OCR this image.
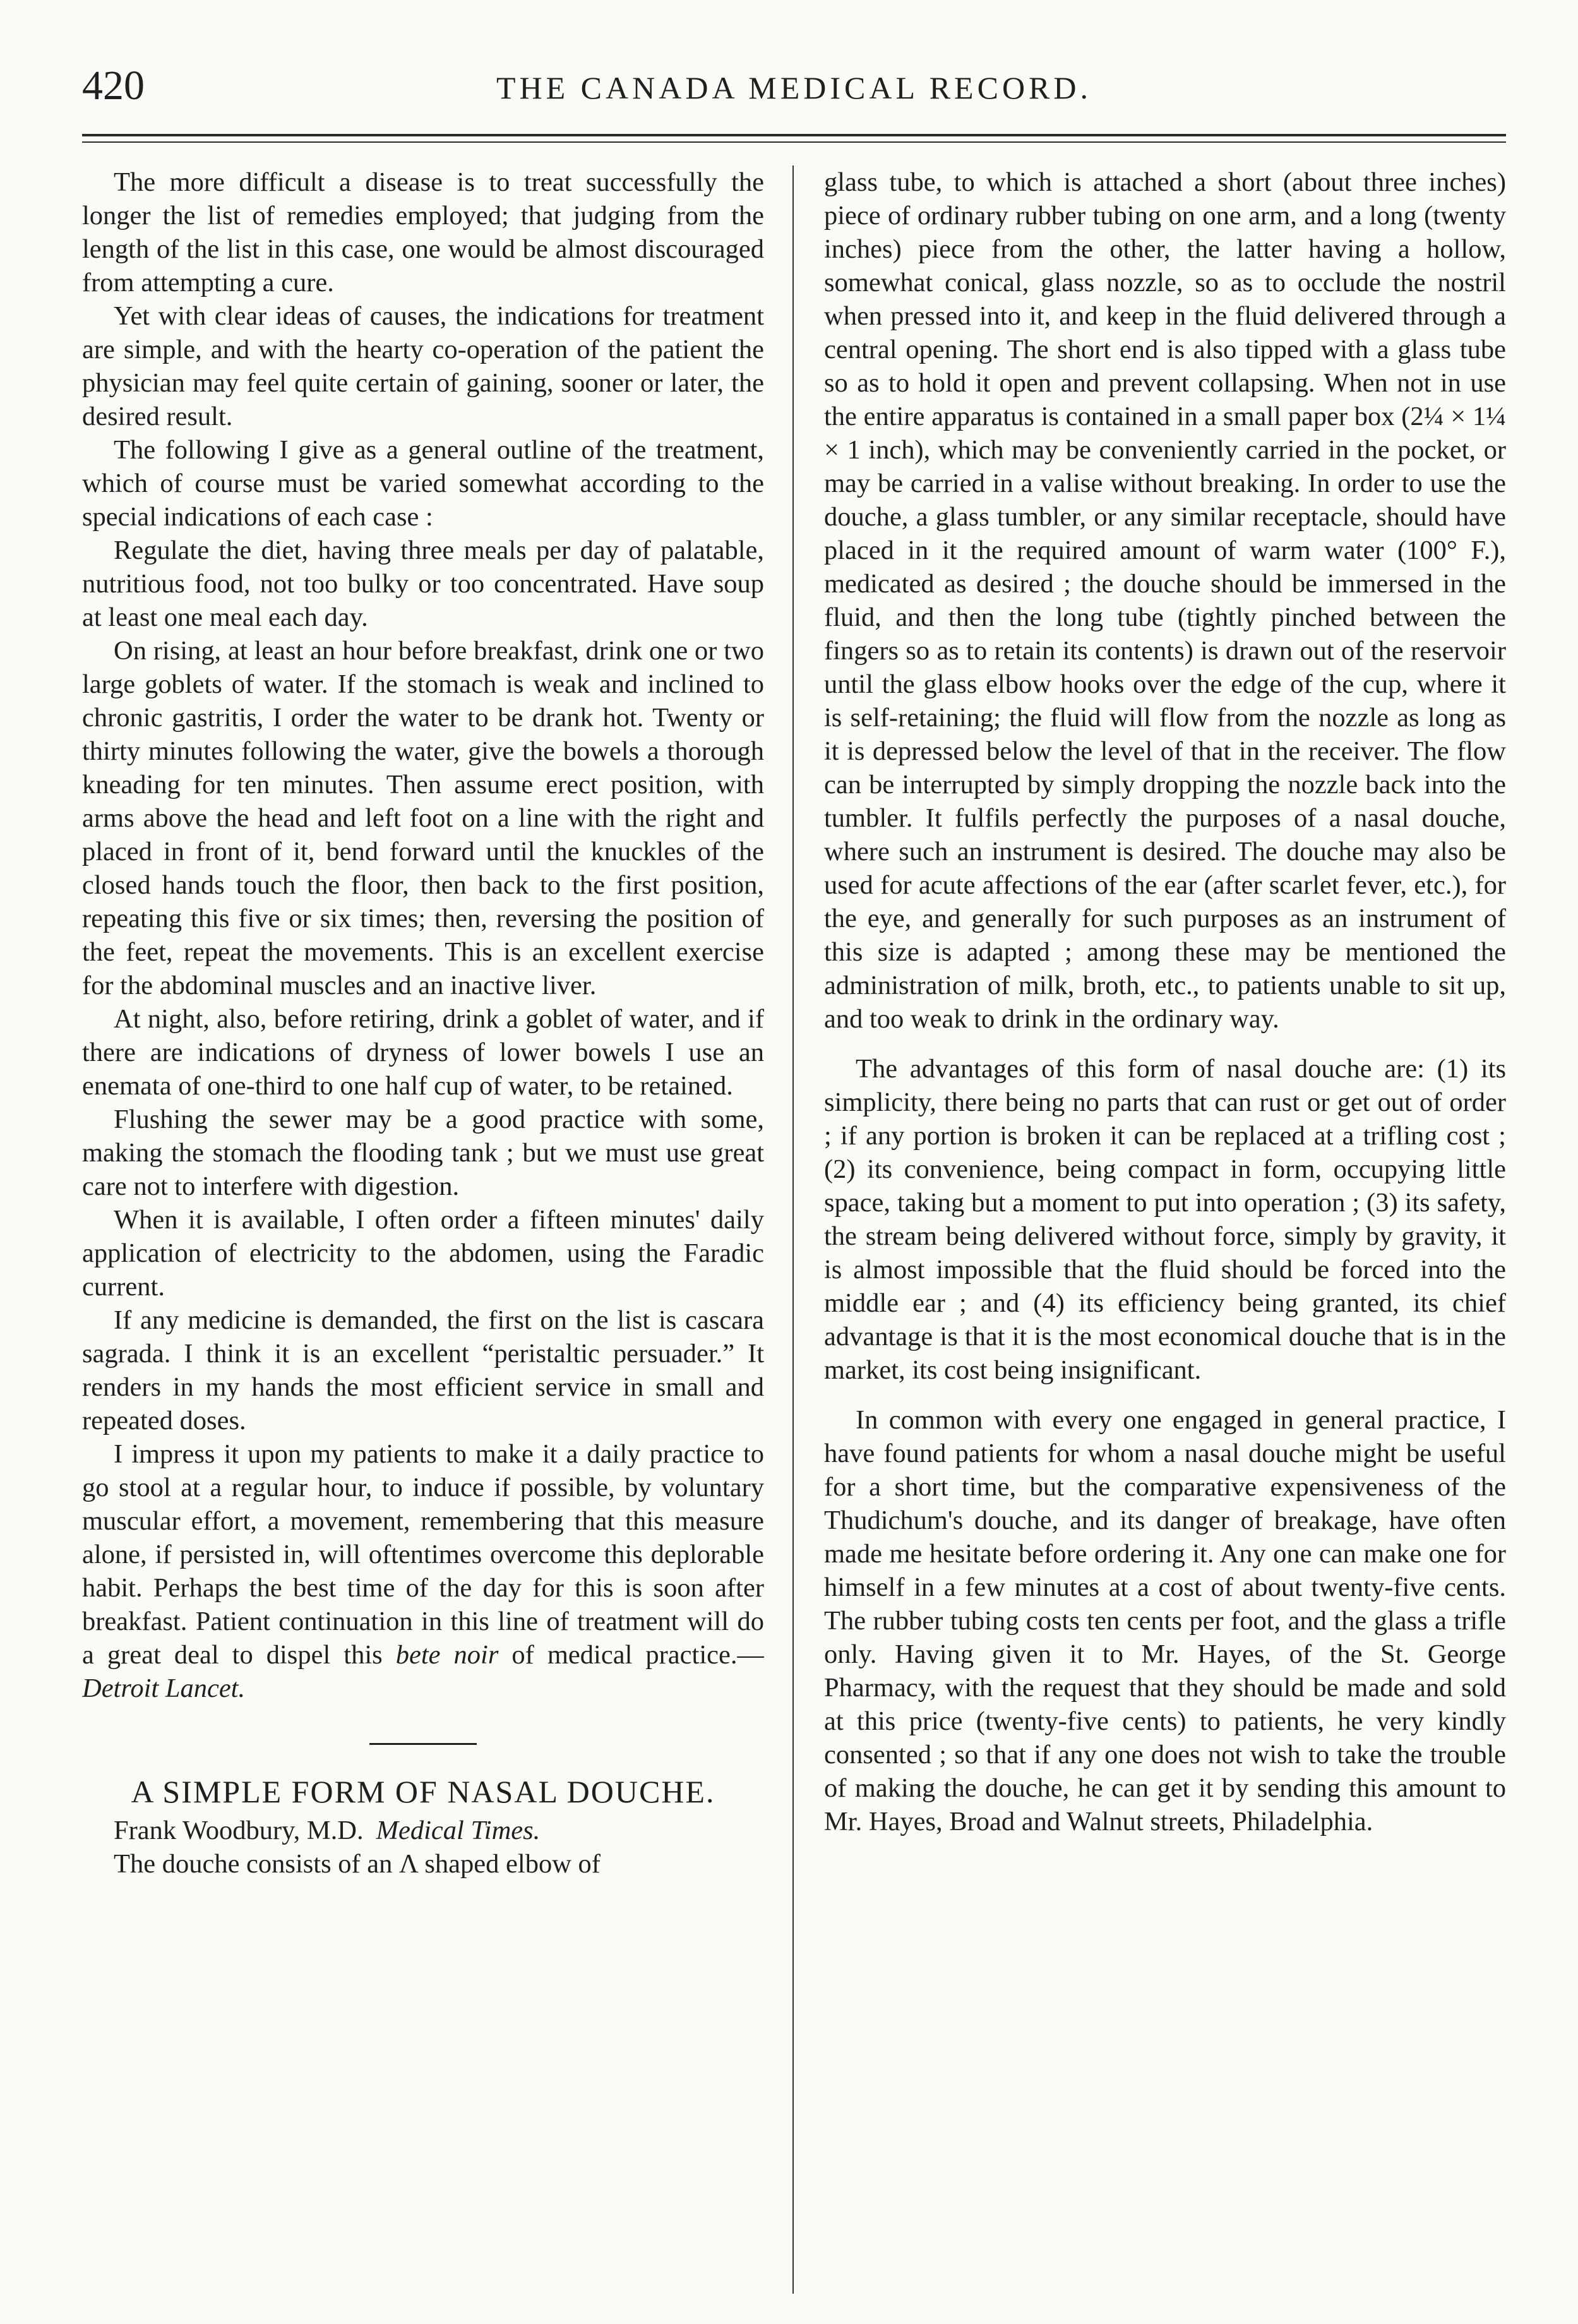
420	THE CANADA MEDICAL RECORD.

The more difficult a disease is to treat successfully the longer the list of remedies employed; that judging from the length of the list in this case, one would be almost discouraged from attempting a cure.

Yet with clear ideas of causes, the indications for treatment are simple, and with the hearty co-operation of the patient the physician may feel quite certain of gaining, sooner or later, the desired result.

The following I give as a general outline of the treatment, which of course must be varied somewhat according to the special indications of each case :

Regulate the diet, having three meals per day of palatable, nutritious food, not too bulky or too concentrated. Have soup at least one meal each day.

On rising, at least an hour before breakfast, drink one or two large goblets of water. If the stomach is weak and inclined to chronic gastritis, I order the water to be drank hot. Twenty or thirty minutes following the water, give the bowels a thorough kneading for ten minutes. Then assume erect position, with arms above the head and left foot on a line with the right and placed in front of it, bend forward until the knuckles of the closed hands touch the floor, then back to the first position, repeating this five or six times; then, reversing the position of the feet, repeat the movements. This is an excellent exercise for the abdominal muscles and an inactive liver.

At night, also, before retiring, drink a goblet of water, and if there are indications of dryness of lower bowels I use an enemata of one-third to one half cup of water, to be retained.

Flushing the sewer may be a good practice with some, making the stomach the flooding tank ; but we must use great care not to interfere with digestion.

When it is available, I often order a fifteen minutes' daily application of electricity to the abdomen, using the Faradic current.

If any medicine is demanded, the first on the list is cascara sagrada. I think it is an excellent “peristaltic persuader.” It renders in my hands the most efficient service in small and repeated doses.

I impress it upon my patients to make it a daily practice to go stool at a regular hour, to induce if possible, by voluntary muscular effort, a movement, remembering that this measure alone, if persisted in, will oftentimes overcome this deplorable habit. Perhaps the best time of the day for this is soon after breakfast. Patient continuation in this line of treatment will do a great deal to dispel this bete noir of medical practice.—Detroit Lancet.

A SIMPLE FORM OF NASAL DOUCHE.

Frank Woodbury, M.D. Medical Times.

The douche consists of an Λ shaped elbow of

glass tube, to which is attached a short (about three inches) piece of ordinary rubber tubing on one arm, and a long (twenty inches) piece from the other, the latter having a hollow, somewhat conical, glass nozzle, so as to occlude the nostril when pressed into it, and keep in the fluid delivered through a central opening. The short end is also tipped with a glass tube so as to hold it open and prevent collapsing. When not in use the entire apparatus is contained in a small paper box (2¼ × 1¼ × 1 inch), which may be conveniently carried in the pocket, or may be carried in a valise without breaking. In order to use the douche, a glass tumbler, or any similar receptacle, should have placed in it the required amount of warm water (100° F.), medicated as desired ; the douche should be immersed in the fluid, and then the long tube (tightly pinched between the fingers so as to retain its contents) is drawn out of the reservoir until the glass elbow hooks over the edge of the cup, where it is self-retaining; the fluid will flow from the nozzle as long as it is depressed below the level of that in the receiver. The flow can be interrupted by simply dropping the nozzle back into the tumbler. It fulfils perfectly the purposes of a nasal douche, where such an instrument is desired. The douche may also be used for acute affections of the ear (after scarlet fever, etc.), for the eye, and generally for such purposes as an instrument of this size is adapted ; among these may be mentioned the administration of milk, broth, etc., to patients unable to sit up, and too weak to drink in the ordinary way.

The advantages of this form of nasal douche are: (1) its simplicity, there being no parts that can rust or get out of order ; if any portion is broken it can be replaced at a trifling cost ; (2) its convenience, being compact in form, occupying little space, taking but a moment to put into operation ; (3) its safety, the stream being delivered without force, simply by gravity, it is almost impossible that the fluid should be forced into the middle ear ; and (4) its efficiency being granted, its chief advantage is that it is the most economical douche that is in the market, its cost being insignificant.

In common with every one engaged in general practice, I have found patients for whom a nasal douche might be useful for a short time, but the comparative expensiveness of the Thudichum's douche, and its danger of breakage, have often made me hesitate before ordering it. Any one can make one for himself in a few minutes at a cost of about twenty-five cents. The rubber tubing costs ten cents per foot, and the glass a trifle only. Having given it to Mr. Hayes, of the St. George Pharmacy, with the request that they should be made and sold at this price (twenty-five cents) to patients, he very kindly consented ; so that if any one does not wish to take the trouble of making the douche, he can get it by sending this amount to Mr. Hayes, Broad and Walnut streets, Philadelphia.
